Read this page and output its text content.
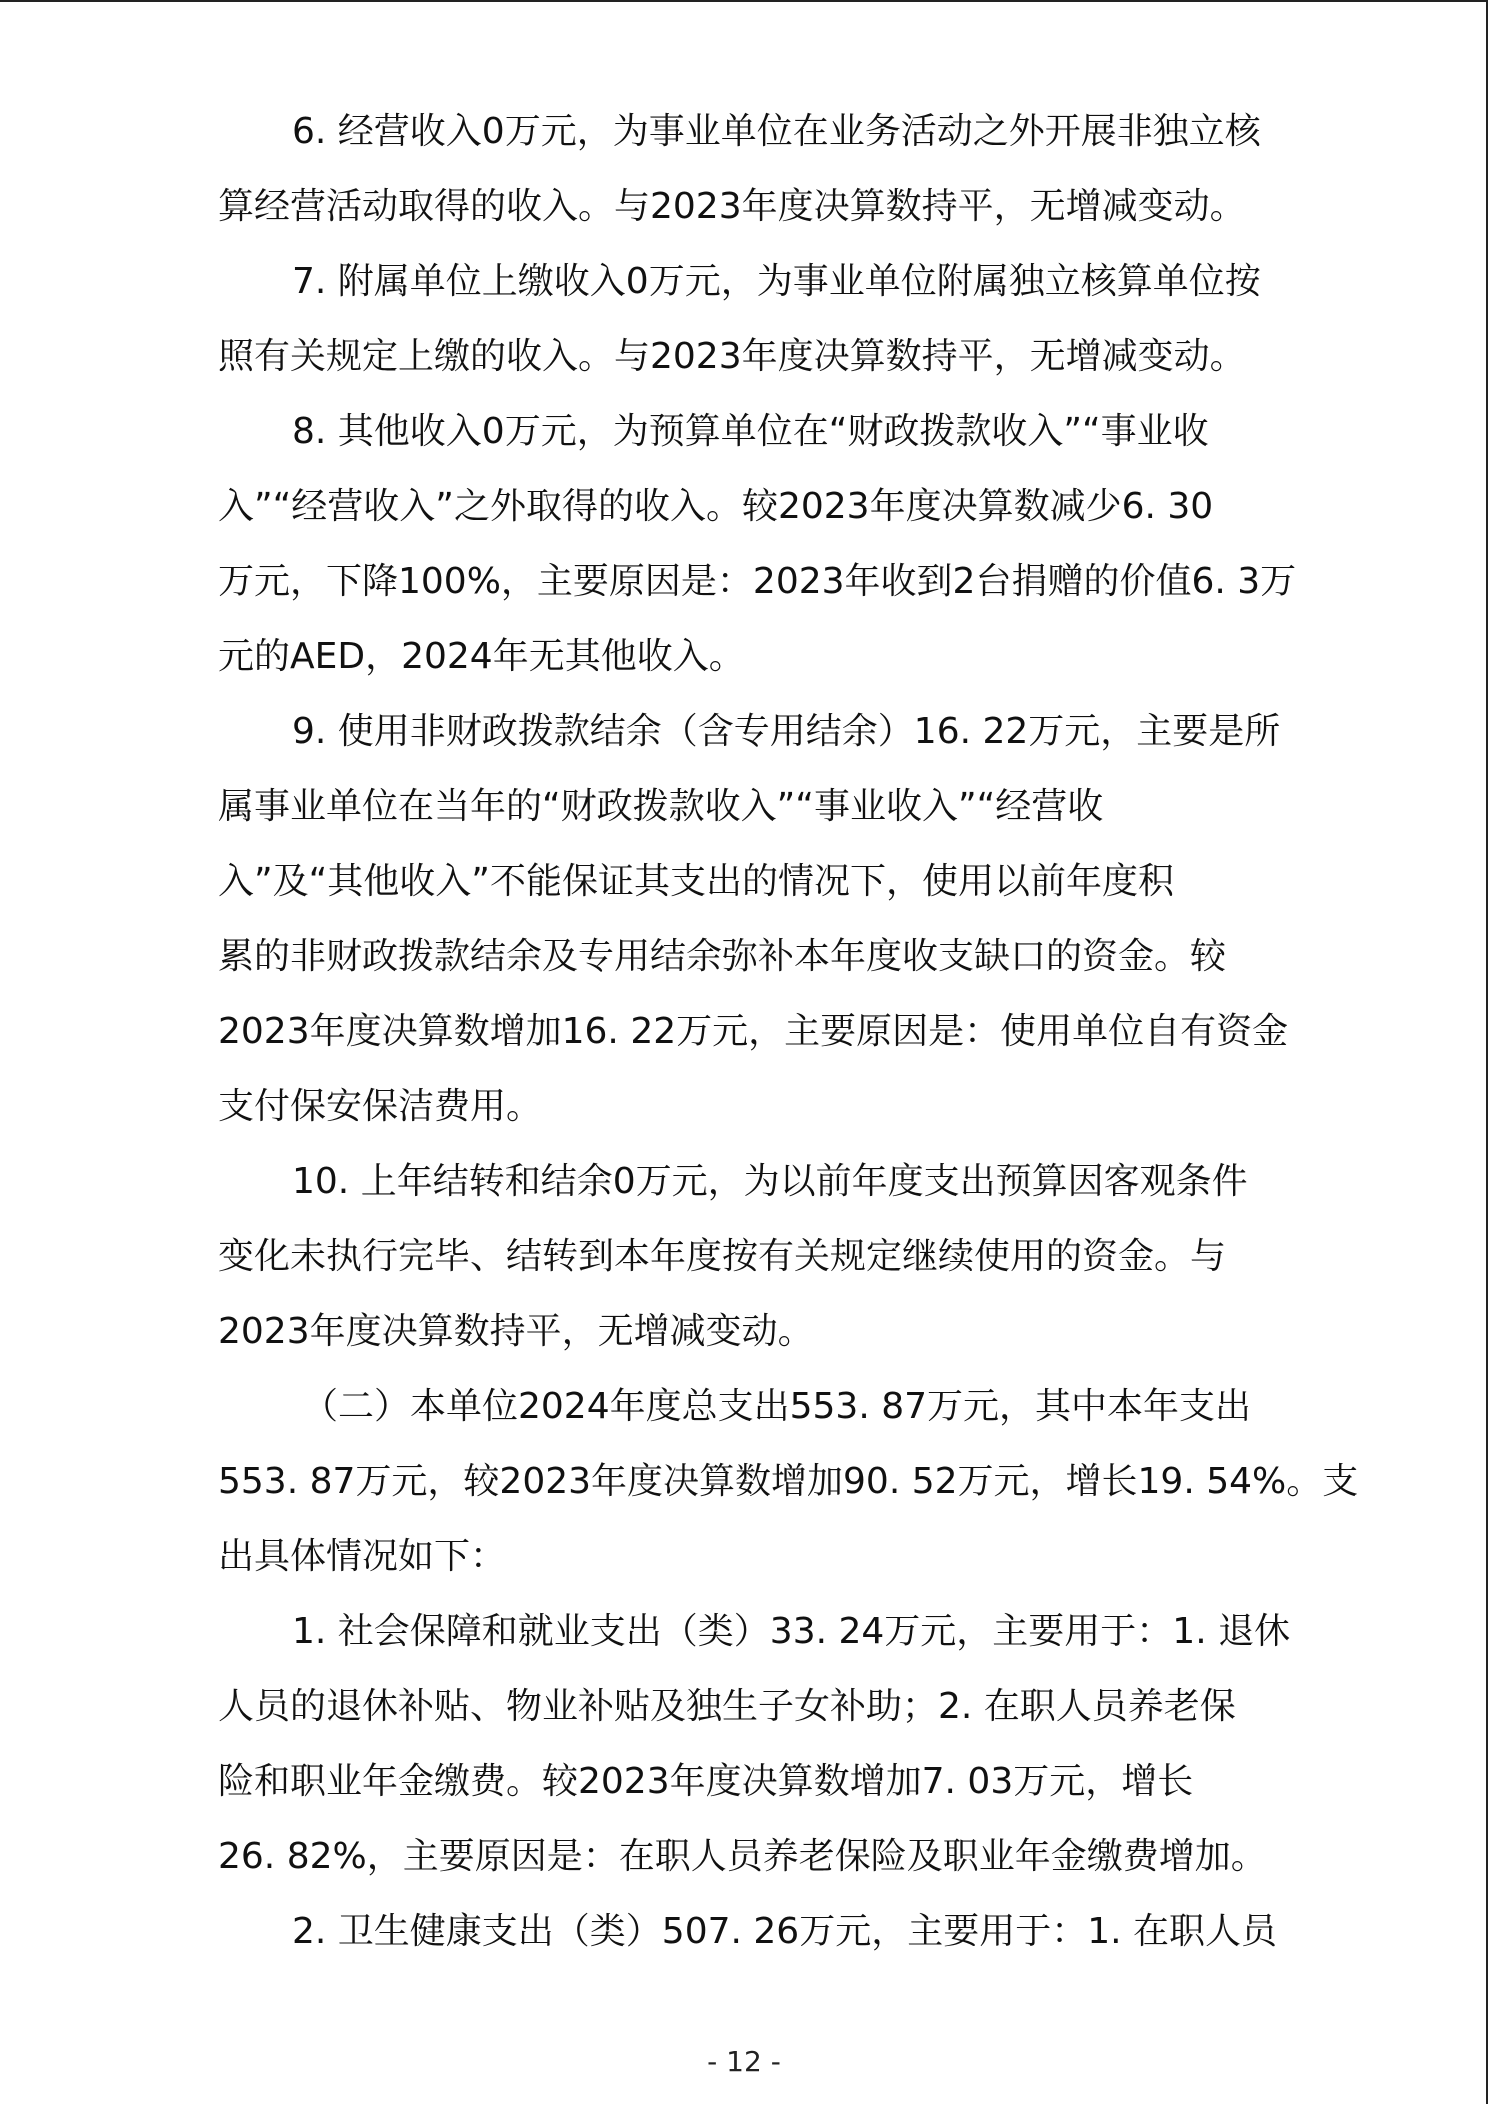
6. 经营收入0万元，为事业单位在业务活动之外开展非独立核
算经营活动取得的收入。与2023年度决算数持平，无增减变动。
7. 附属单位上缴收入0万元，为事业单位附属独立核算单位按
照有关规定上缴的收入。与2023年度决算数持平，无增减变动。
8. 其他收入0万元，为预算单位在“财政拨款收入”“事业收
入”“经营收入”之外取得的收入。较2023年度决算数减少6. 30
万元，下降100%，主要原因是：2023年收到2台捐赠的价值6. 3万
元的AED，2024年无其他收入。
9. 使用非财政拨款结余（含专用结余）16. 22万元，主要是所
属事业单位在当年的“财政拨款收入”“事业收入”“经营收
入”及“其他收入”不能保证其支出的情况下，使用以前年度积
累的非财政拨款结余及专用结余弥补本年度收支缺口的资金。较
2023年度决算数增加16. 22万元，主要原因是：使用单位自有资金
支付保安保洁费用。
10. 上年结转和结余0万元，为以前年度支出预算因客观条件
变化未执行完毕、结转到本年度按有关规定继续使用的资金。与
2023年度决算数持平，无增减变动。
（二）本单位2024年度总支出553. 87万元，其中本年支出
553. 87万元，较2023年度决算数增加90. 52万元，增长19. 54%。支
出具体情况如下：
1. 社会保障和就业支出（类）33. 24万元，主要用于：1. 退休
人员的退休补贴、物业补贴及独生子女补助；2. 在职人员养老保
险和职业年金缴费。较2023年度决算数增加7. 03万元，增长
26. 82%，主要原因是：在职人员养老保险及职业年金缴费增加。
2. 卫生健康支出（类）507. 26万元，主要用于：1. 在职人员
- 12 -
